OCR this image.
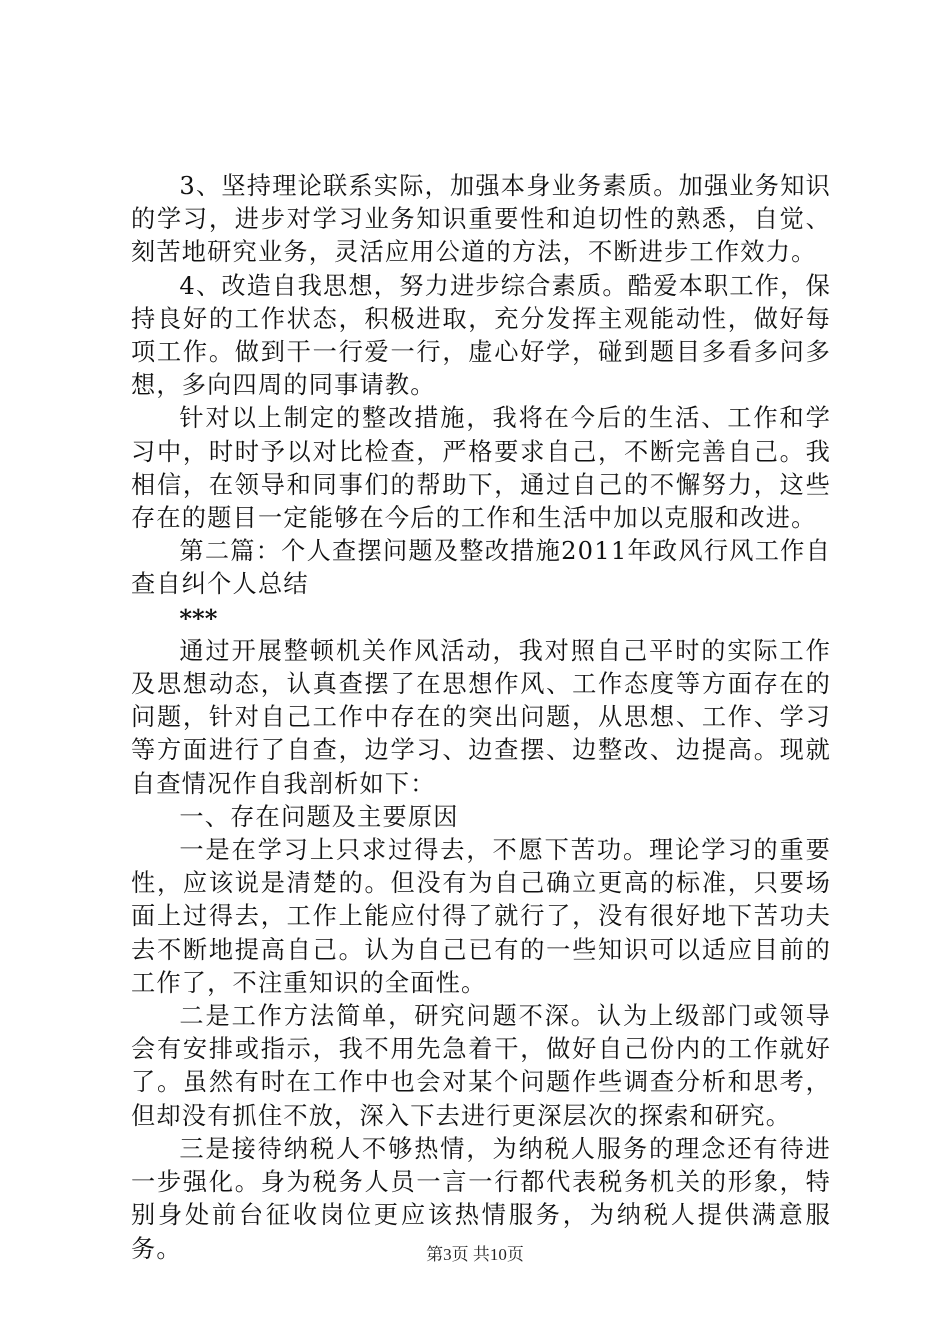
3、坚持理论联系实际，加强本身业务素质。加强业务知识的学习，进步对学习业务知识重要性和迫切性的熟悉，自觉、刻苦地研究业务，灵活应用公道的方法，不断进步工作效力。

4、改造自我思想，努力进步综合素质。酷爱本职工作，保持良好的工作状态，积极进取，充分发挥主观能动性，做好每项工作。做到干一行爱一行，虚心好学，碰到题目多看多问多想，多向四周的同事请教。

针对以上制定的整改措施，我将在今后的生活、工作和学习中，时时予以对比检查，严格要求自己，不断完善自己。我相信，在领导和同事们的帮助下，通过自己的不懈努力，这些存在的题目一定能够在今后的工作和生活中加以克服和改进。

第二篇：个人查摆问题及整改措施2011年政风行风工作自查自纠个人总结

***

通过开展整顿机关作风活动，我对照自己平时的实际工作及思想动态，认真查摆了在思想作风、工作态度等方面存在的问题，针对自己工作中存在的突出问题，从思想、工作、学习等方面进行了自查，边学习、边查摆、边整改、边提高。现就自查情况作自我剖析如下：

一、存在问题及主要原因

一是在学习上只求过得去，不愿下苦功。理论学习的重要性，应该说是清楚的。但没有为自己确立更高的标准，只要场面上过得去，工作上能应付得了就行了，没有很好地下苦功夫去不断地提高自己。认为自己已有的一些知识可以适应目前的工作了，不注重知识的全面性。

二是工作方法简单，研究问题不深。认为上级部门或领导会有安排或指示，我不用先急着干，做好自己份内的工作就好了。虽然有时在工作中也会对某个问题作些调查分析和思考，但却没有抓住不放，深入下去进行更深层次的探索和研究。

三是接待纳税人不够热情，为纳税人服务的理念还有待进一步强化。身为税务人员一言一行都代表税务机关的形象，特别身处前台征收岗位更应该热情服务，为纳税人提供满意服务。	第3页 共10页
